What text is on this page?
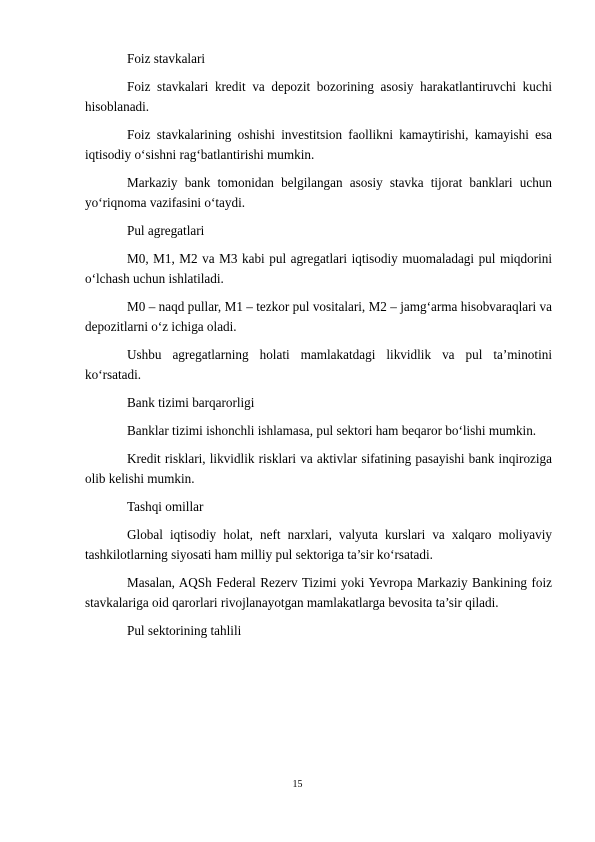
Foiz stavkalari

Foiz stavkalari kredit va depozit bozorining asosiy harakatlantiruvchi kuchi hisoblanadi.

Foiz stavkalarining oshishi investitsion faollikni kamaytirishi, kamayishi esa iqtisodiy o‘sishni rag‘batlantirishi mumkin.

Markaziy bank tomonidan belgilangan asosiy stavka tijorat banklari uchun yo‘riqnoma vazifasini o‘taydi.

Pul agregatlari

M0, M1, M2 va M3 kabi pul agregatlari iqtisodiy muomaladagi pul miqdorini o‘lchash uchun ishlatiladi.

M0 – naqd pullar, M1 – tezkor pul vositalari, M2 – jamg‘arma hisobvaraqlari va depozitlarni o‘z ichiga oladi.

Ushbu agregatlarning holati mamlakatdagi likvidlik va pul ta’minotini ko‘rsatadi.

Bank tizimi barqarorligi

Banklar tizimi ishonchli ishlamasa, pul sektori ham beqaror bo‘lishi mumkin.

Kredit risklari, likvidlik risklari va aktivlar sifatining pasayishi bank inqiroziga olib kelishi mumkin.

Tashqi omillar

Global iqtisodiy holat, neft narxlari, valyuta kurslari va xalqaro moliyaviy tashkilotlarning siyosati ham milliy pul sektoriga ta’sir ko‘rsatadi.

Masalan, AQSh Federal Rezerv Tizimi yoki Yevropa Markaziy Bankining foiz stavkalariga oid qarorlari rivojlanayotgan mamlakatlarga bevosita ta’sir qiladi.

Pul sektorining tahlili

15
